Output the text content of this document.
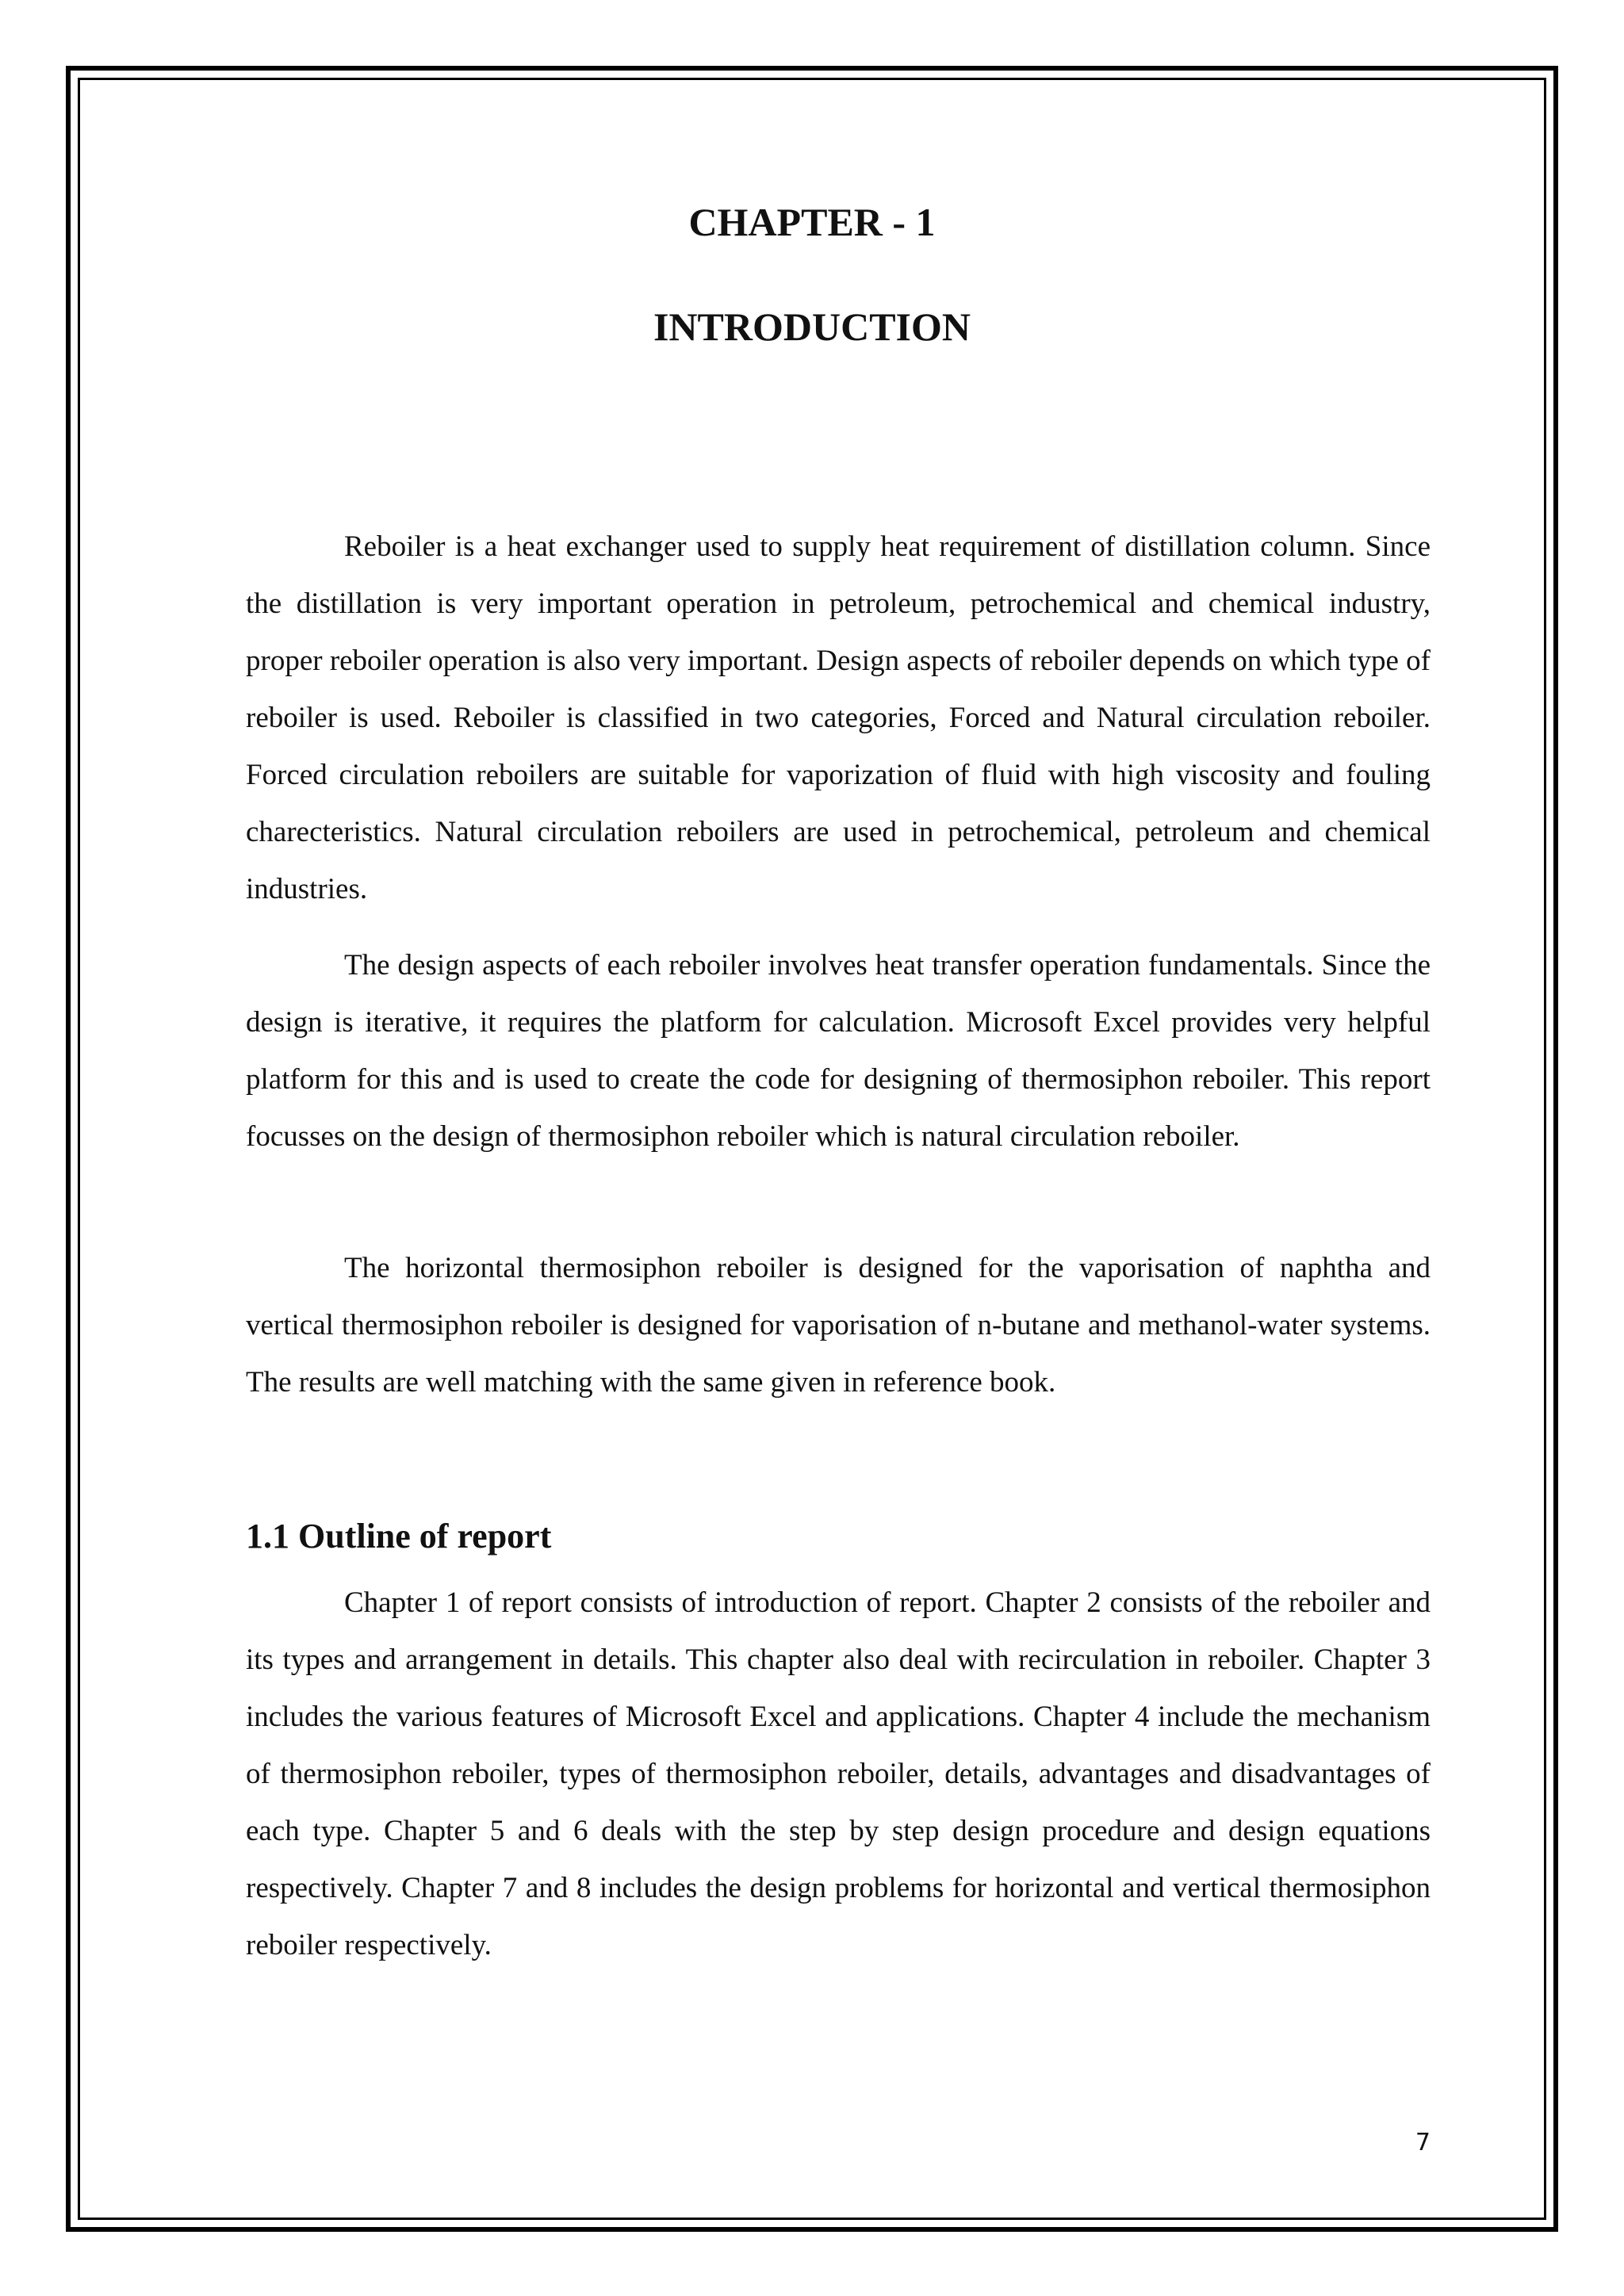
CHAPTER - 1
INTRODUCTION

Reboiler is a heat exchanger used to supply heat requirement of distillation column. Since the distillation is very important operation in petroleum, petrochemical and chemical industry, proper reboiler operation is also very important. Design aspects of reboiler depends on which type of reboiler is used. Reboiler is classified in two categories, Forced and Natural circulation reboiler. Forced circulation reboilers are suitable for vaporization of fluid with high viscosity and fouling charecteristics. Natural circulation reboilers are used in petrochemical, petroleum and chemical industries.

The design aspects of each reboiler involves heat transfer operation fundamentals. Since the design is iterative, it requires the platform for calculation. Microsoft Excel provides very helpful platform for this and is used to create the code for designing of thermosiphon reboiler. This report focusses on the design of thermosiphon reboiler which is natural circulation reboiler.

The horizontal thermosiphon reboiler is designed for the vaporisation of naphtha and vertical thermosiphon reboiler is designed for vaporisation of n-butane and methanol-water systems. The results are well matching with the same given in reference book.

1.1 Outline of report

Chapter 1 of report consists of introduction of report. Chapter 2 consists of the reboiler and its types and arrangement in details. This chapter also deal with recirculation in reboiler. Chapter 3 includes the various features of Microsoft Excel and applications. Chapter 4 include the mechanism of thermosiphon reboiler, types of thermosiphon reboiler, details, advantages and disadvantages of each type. Chapter 5 and 6 deals with the step by step design procedure and design equations respectively. Chapter 7 and 8 includes the design problems for horizontal and vertical thermosiphon reboiler respectively.

7
